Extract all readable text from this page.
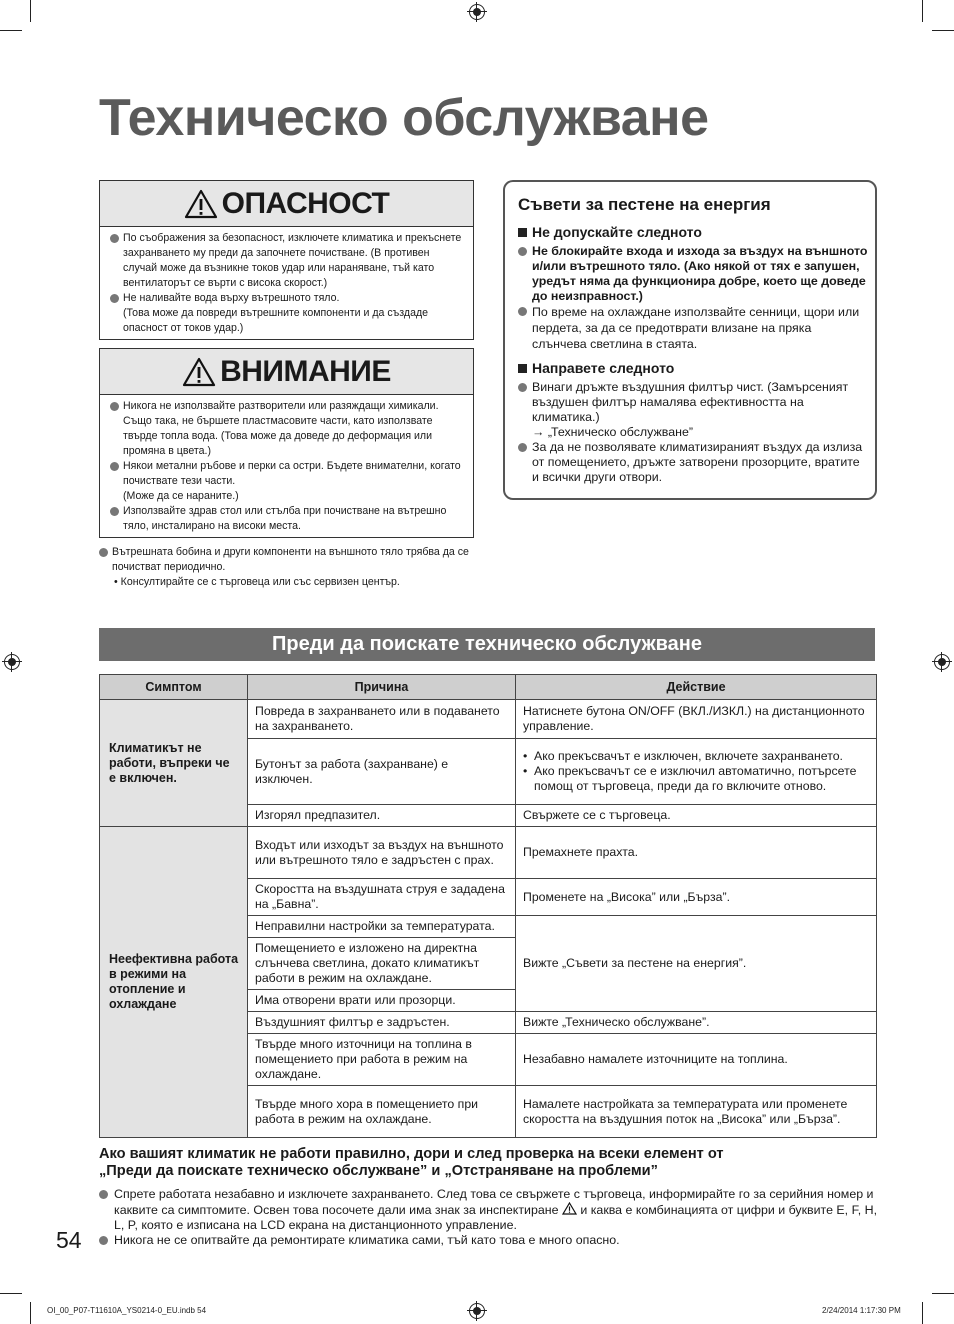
Техническо обслужване
ОПАСНОСТ
По съображения за безопасност, изключете климатика и прекъснете захранването му преди да започнете почистване. (В противен случай може да възникне токов удар или нараняване, тъй като вентилаторът се върти с висока скорост.)
Не наливайте вода върху вътрешното тяло.
(Това може да повреди вътрешните компоненти и да създаде опасност от токов удар.)
ВНИМАНИЕ
Никога не използвайте разтворители или разяждащи химикали. Също така, не бършете пластмасовите части, като използвате твърде топла вода. (Това може да доведе до деформация или промяна в цвета.)
Някои метални ръбове и перки са остри. Бъдете внимателни, когато почиствате тези части.
(Може да се нараните.)
Използвайте здрав стол или стълба при почистване на вътрешно тяло, инсталирано на високи места.
Вътрешната бобина и други компоненти на външното тяло трябва да се почистват периодично.
• Консултирайте се с търговеца или със сервизен център.
Съвети за пестене на енергия
Не допускайте следното
Не блокирайте входа и изхода за въздух на външното и/или вътрешното тяло. (Ако някой от тях е запушен, уредът няма да функционира добре, което ще доведе до неизправност.)
По време на охлаждане използвайте сенници, щори или пердета, за да се предотврати влизане на пряка слънчева светлина в стаята.
Направете следното
Винаги дръжте въздушния филтър чист. (Замърсеният въздушен филтър намалява ефективността на климатика.)
→ „Техническо обслужване”
За да не позволявате климатизираният въздух да излиза от помещението, дръжте затворени прозорците, вратите и всички други отвори.
Преди да поискате техническо обслужване
Симптом	Причина	Действие
Климатикът не работи, въпреки че е включен.	Повреда в захранването или в подаването на захранването.	Натиснете бутона ON/OFF (ВКЛ./ИЗКЛ.) на дистанционното управление.
	Бутонът за работа (захранване) е изключен.	• Ако прекъсвачът е изключен, включете захранването.
• Ако прекъсвачът се е изключил автоматично, потърсете помощ от търговеца, преди да го включите отново.

	Изгорял предпазител.	Свържете се с търговеца.
Неефективна работа в режими на отопление и охлаждане	Входът или изходът за въздух на външното или вътрешното тяло е задръстен с прах.	Премахнете прахта.
	Скоростта на въздушната струя е зададена на „Бавна”.	Променете на „Висока” или „Бърза”.
	Неправилни настройки за температурата.	Вижте „Съвети за пестене на енергия”.
	Помещението е изложено на директна слънчева светлина, докато климатикът работи в режим на охлаждане.	
	Има отворени врати или прозорци.	
	Въздушният филтър е задръстен.	Вижте „Техническо обслужване”.
	Твърде много източници на топлина в помещението при работа в режим на охлаждане.	Незабавно намалете източниците на топлина.
	Твърде много хора в помещението при работа в режим на охлаждане.	Намалете настройката за температурата или променете скоростта на въздушния поток на „Висока” или „Бърза”.
Ако вашият климатик не работи правилно, дори и след проверка на всеки елемент от
„Преди да поискате техническо обслужване” и „Отстраняване на проблеми”
Спрете работата незабавно и изключете захранването. След това се свържете с търговеца, информирайте го за серийния номер и каквите са симптомите. Освен това посочете дали има знак за инспектиране и каква е комбинацията от цифри и буквите E, F, H, L, P, която е изписана на LCD екрана на дистанционното управление.
Никога не се опитвайте да ремонтирате климатика сами, тъй като това е много опасно.
54
OI_00_P07-T11610A_YS0214-0_EU.indb 54	2/24/2014 1:17:30 PM
